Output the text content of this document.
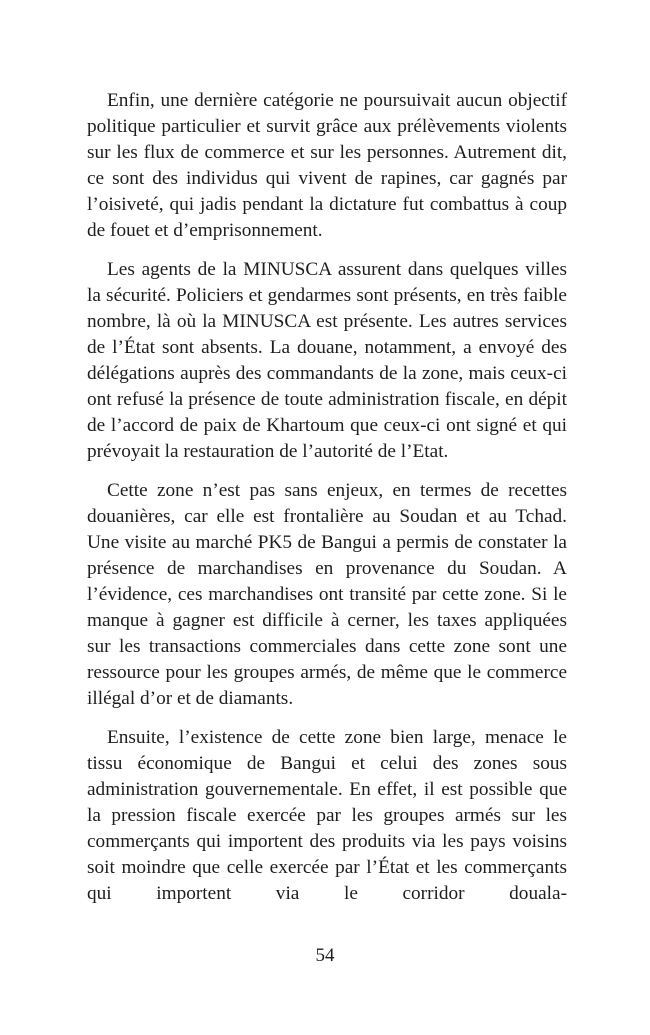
Enfin, une dernière catégorie ne poursuivait aucun objectif politique particulier et survit grâce aux prélèvements violents sur les flux de commerce et sur les personnes. Autrement dit, ce sont des individus qui vivent de rapines, car gagnés par l’oisiveté, qui jadis pendant la dictature fut combattus à coup de fouet et d’emprisonnement.

Les agents de la MINUSCA assurent dans quelques villes la sécurité. Policiers et gendarmes sont présents, en très faible nombre, là où la MINUSCA est présente. Les autres services de l’État sont absents. La douane, notamment, a envoyé des délégations auprès des commandants de la zone, mais ceux-ci ont refusé la présence de toute administration fiscale, en dépit de l’accord de paix de Khartoum que ceux-ci ont signé et qui prévoyait la restauration de l’autorité de l’Etat.

Cette zone n’est pas sans enjeux, en termes de recettes douanières, car elle est frontalière au Soudan et au Tchad. Une visite au marché PK5 de Bangui a permis de constater la présence de marchandises en provenance du Soudan. A l’évidence, ces marchandises ont transité par cette zone. Si le manque à gagner est difficile à cerner, les taxes appliquées sur les transactions commerciales dans cette zone sont une ressource pour les groupes armés, de même que le commerce illégal d’or et de diamants.

Ensuite, l’existence de cette zone bien large, menace le tissu économique de Bangui et celui des zones sous administration gouvernementale. En effet, il est possible que la pression fiscale exercée par les groupes armés sur les commerçants qui importent des produits via les pays voisins soit moindre que celle exercée par l’État et les commerçants qui importent via le corridor douala-

54
